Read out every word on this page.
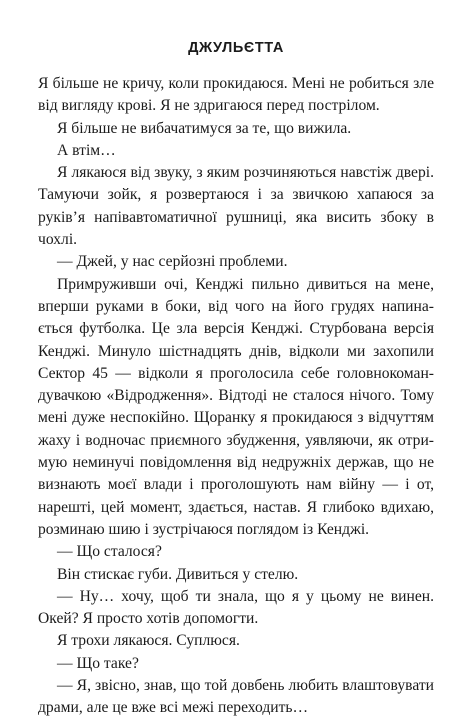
ДЖУЛЬЄТТА

Я більше не кричу, коли прокидаюся. Мені не робиться зле від вигляду крові. Я не здригаюся перед пострілом.

Я більше не вибачатимуся за те, що вижила.

А втім…

Я лякаюся від звуку, з яким розчиняються навстіж двері. Тамуючи зойк, я розвертаюся і за звичкою хапаюся за руків’я напівавтоматичної рушниці, яка висить збоку в чохлі.

— Джей, у нас серйозні проблеми.

Примруживши очі, Кенджі пильно дивиться на мене, вперши руками в боки, від чого на його грудях напинається футболка. Це зла версія Кенджі. Стурбована версія Кенджі. Минуло шістнадцять днів, відколи ми захопили Сектор 45 — відколи я проголосила себе головнокомандувачкою «Відродження». Відтоді не сталося нічого. Тому мені дуже неспокійно. Щоранку я прокидаюся з відчуттям жаху і водночас приємного збудження, уявляючи, як отримую неминучі повідомлення від недружніх держав, що не визнають моєї влади і проголошують нам війну — і от, нарешті, цей момент, здається, настав. Я глибоко вдихаю, розминаю шию і зустрічаюся поглядом із Кенджі.

— Що сталося?

Він стискає губи. Дивиться у стелю.

— Ну… хочу, щоб ти знала, що я у цьому не винен. Окей? Я просто хотів допомогти.

Я трохи лякаюся. Суплюся.

— Що таке?

— Я, звісно, знав, що той довбень любить влаштовувати драми, але це вже всі межі переходить…
